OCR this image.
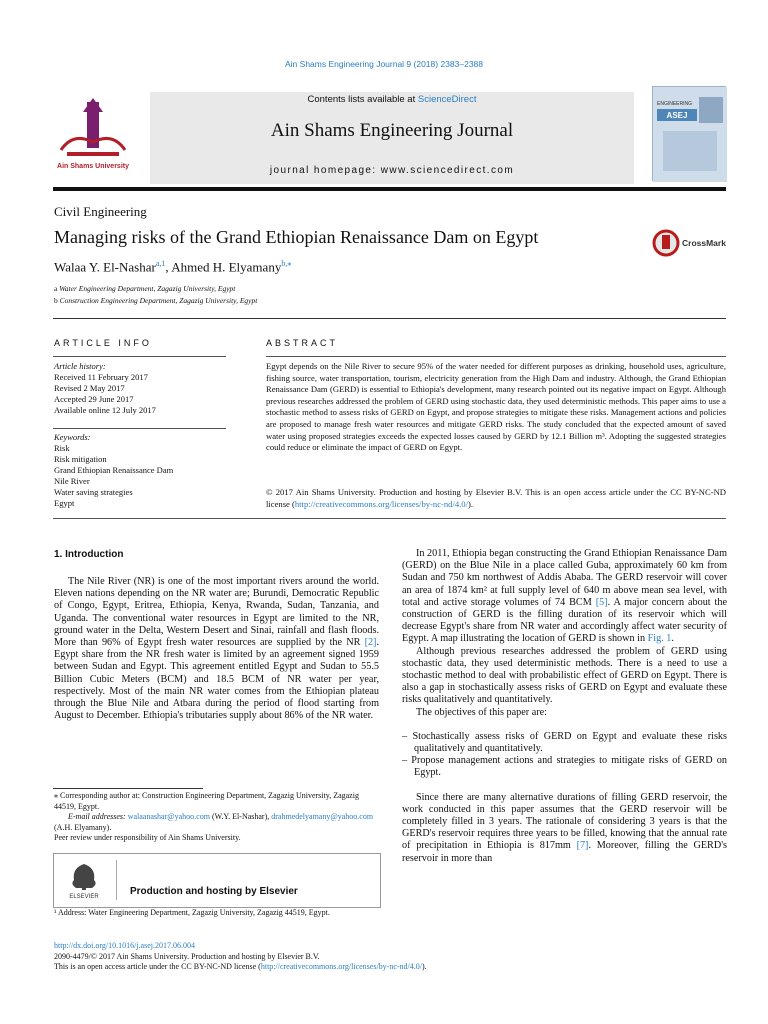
Ain Shams Engineering Journal 9 (2018) 2383–2388
Contents lists available at ScienceDirect
Ain Shams Engineering Journal
journal homepage: www.sciencedirect.com
Ain Shams University
ENGINEERING
ASEJ
Civil Engineering
Managing risks of the Grand Ethiopian Renaissance Dam on Egypt	CrossMark
Walaa Y. El-Nashar$^{a,1}$, Ahmed H. Elyamany$^{b,⁎}$
a Water Engineering Department, Zagazig University, Egypt
b Construction Engineering Department, Zagazig University, Egypt
ARTICLE INFO	ABSTRACT
Article history:
Received 11 February 2017
Revised 2 May 2017
Accepted 29 June 2017
Available online 12 July 2017
Keywords:
Risk
Risk mitigation
Grand Ethiopian Renaissance Dam
Nile River
Water saving strategies
Egypt
Egypt depends on the Nile River to secure 95% of the water needed for different purposes as drinking, household uses, agriculture, fishing source, water transportation, tourism, electricity generation from the High Dam and industry. Although, the Grand Ethiopian Renaissance Dam (GERD) is essential to Ethiopia's development, many research pointed out its negative impact on Egypt. Although previous researches addressed the problem of GERD using stochastic data, they used deterministic methods. This paper aims to use a stochastic method to assess risks of GERD on Egypt, and propose strategies to mitigate these risks. Management actions and policies are proposed to manage fresh water resources and mitigate GERD risks. The study concluded that the expected amount of saved water using proposed strategies exceeds the expected losses caused by GERD by 12.1 Billion m³. Adopting the suggested strategies could reduce or eliminate the impact of GERD on Egypt.
© 2017 Ain Shams University. Production and hosting by Elsevier B.V. This is an open access article under the CC BY-NC-ND license (http://creativecommons.org/licenses/by-nc-nd/4.0/).
1. Introduction
The Nile River (NR) is one of the most important rivers around the world. Eleven nations depending on the NR water are; Burundi, Democratic Republic of Congo, Egypt, Eritrea, Ethiopia, Kenya, Rwanda, Sudan, Tanzania, and Uganda. The conventional water resources in Egypt are limited to the NR, ground water in the Delta, Western Desert and Sinai, rainfall and flash floods. More than 96% of Egypt fresh water resources are supplied by the NR [2]. Egypt share from the NR fresh water is limited by an agreement signed 1959 between Sudan and Egypt. This agreement entitled Egypt and Sudan to 55.5 Billion Cubic Meters (BCM) and 18.5 BCM of NR water per year, respectively. Most of the main NR water comes from the Ethiopian plateau through the Blue Nile and Atbara during the period of flood starting from August to December. Ethiopia's tributaries supply about 86% of the NR water.

In 2011, Ethiopia began constructing the Grand Ethiopian Renaissance Dam (GERD) on the Blue Nile in a place called Guba, approximately 60 km from Sudan and 750 km northwest of Addis Ababa. The GERD reservoir will cover an area of 1874 km² at full supply level of 640 m above mean sea level, with total and active storage volumes of 74 BCM [5]. A major concern about the construction of GERD is the filling duration of its reservoir which will decrease Egypt's share from NR water and accordingly affect water security of Egypt. A map illustrating the location of GERD is shown in Fig. 1.

Although previous researches addressed the problem of GERD using stochastic data, they used deterministic methods. There is a need to use a stochastic method to deal with probabilistic effect of GERD on Egypt. There is also a gap in stochastically assess risks of GERD on Egypt and evaluate these risks qualitatively and quantitatively.

The objectives of this paper are:

– Stochastically assess risks of GERD on Egypt and evaluate these risks qualitatively and quantitatively.

– Propose management actions and strategies to mitigate risks of GERD on Egypt.

Since there are many alternative durations of filling GERD reservoir, the work conducted in this paper assumes that the GERD reservoir will be completely filled in 3 years. The rationale of considering 3 years is that the GERD's reservoir requires three years to be filled, knowing that the annual rate of precipitation in Ethiopia is 817mm [7]. Moreover, filling the GERD's reservoir in more than

⁎ Corresponding author at: Construction Engineering Department, Zagazig University, Zagazig 44519, Egypt.
E-mail addresses: walaanashar@yahoo.com (W.Y. El-Nashar), drahmedelyamany@yahoo.com (A.H. Elyamany).
Peer review under responsibility of Ain Shams University.
ELSEVIER	Production and hosting by Elsevier
¹ Address: Water Engineering Department, Zagazig University, Zagazig 44519, Egypt.
http://dx.doi.org/10.1016/j.asej.2017.06.004
2090-4479/© 2017 Ain Shams University. Production and hosting by Elsevier B.V.
This is an open access article under the CC BY-NC-ND license (http://creativecommons.org/licenses/by-nc-nd/4.0/).
